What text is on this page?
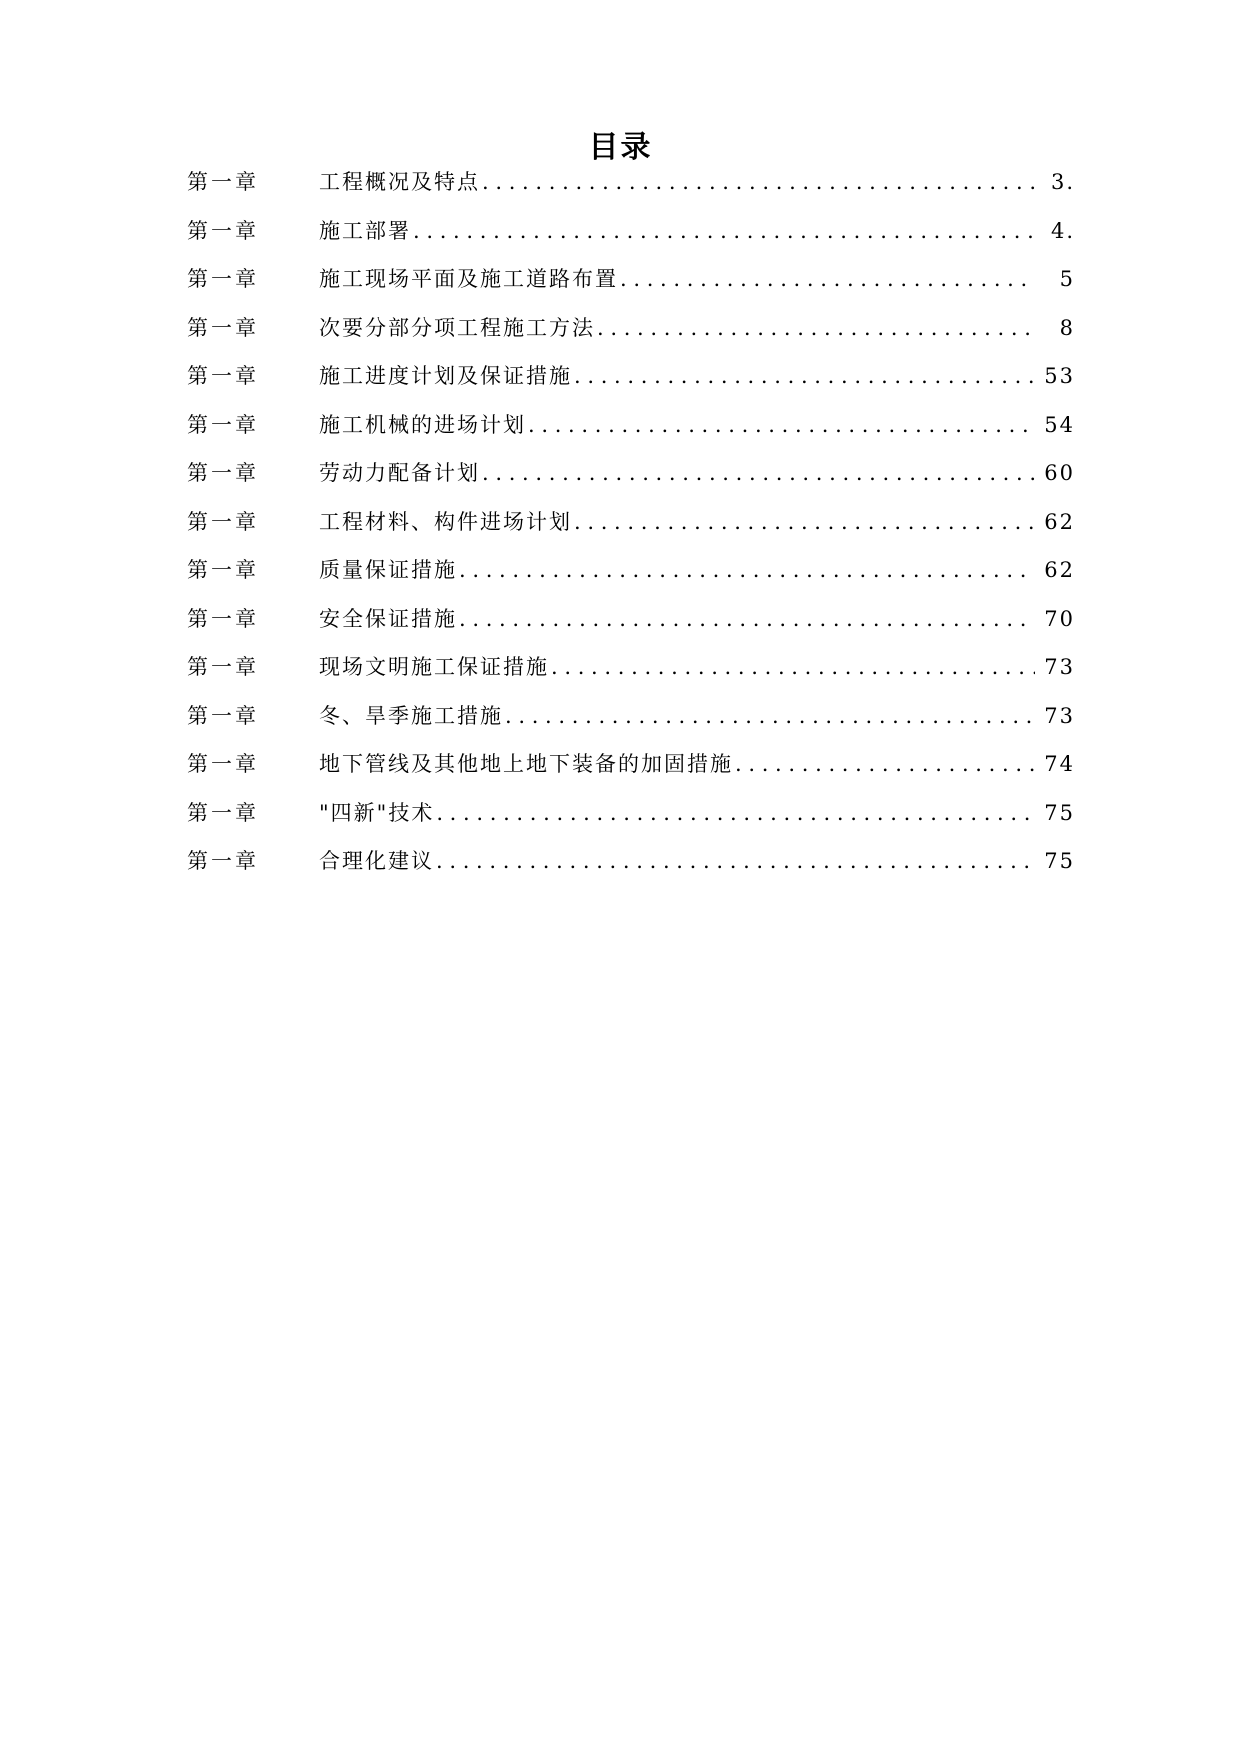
目录
第一章	工程概况及特点 . . .	3.
第一章	施工部署 . . .	4.
第一章	施工现场平面及施工道路布置 . . .	5
第一章	次要分部分项工程施工方法 . . .	8
第一章	施工进度计划及保证措施 . . .	53
第一章	施工机械的进场计划 . . .	54
第一章	劳动力配备计划 . . .	60
第一章	工程材料、构件进场计划 . . .	62
第一章	质量保证措施 . . .	62
第一章	安全保证措施 . . .	70
第一章	现场文明施工保证措施 . . .	73
第一章	冬、旱季施工措施 . . .	73
第一章	地下管线及其他地上地下装备的加固措施 . . .	74
第一章	"四新"技术 . . .	75
第一章	合理化建议 . . .	75
